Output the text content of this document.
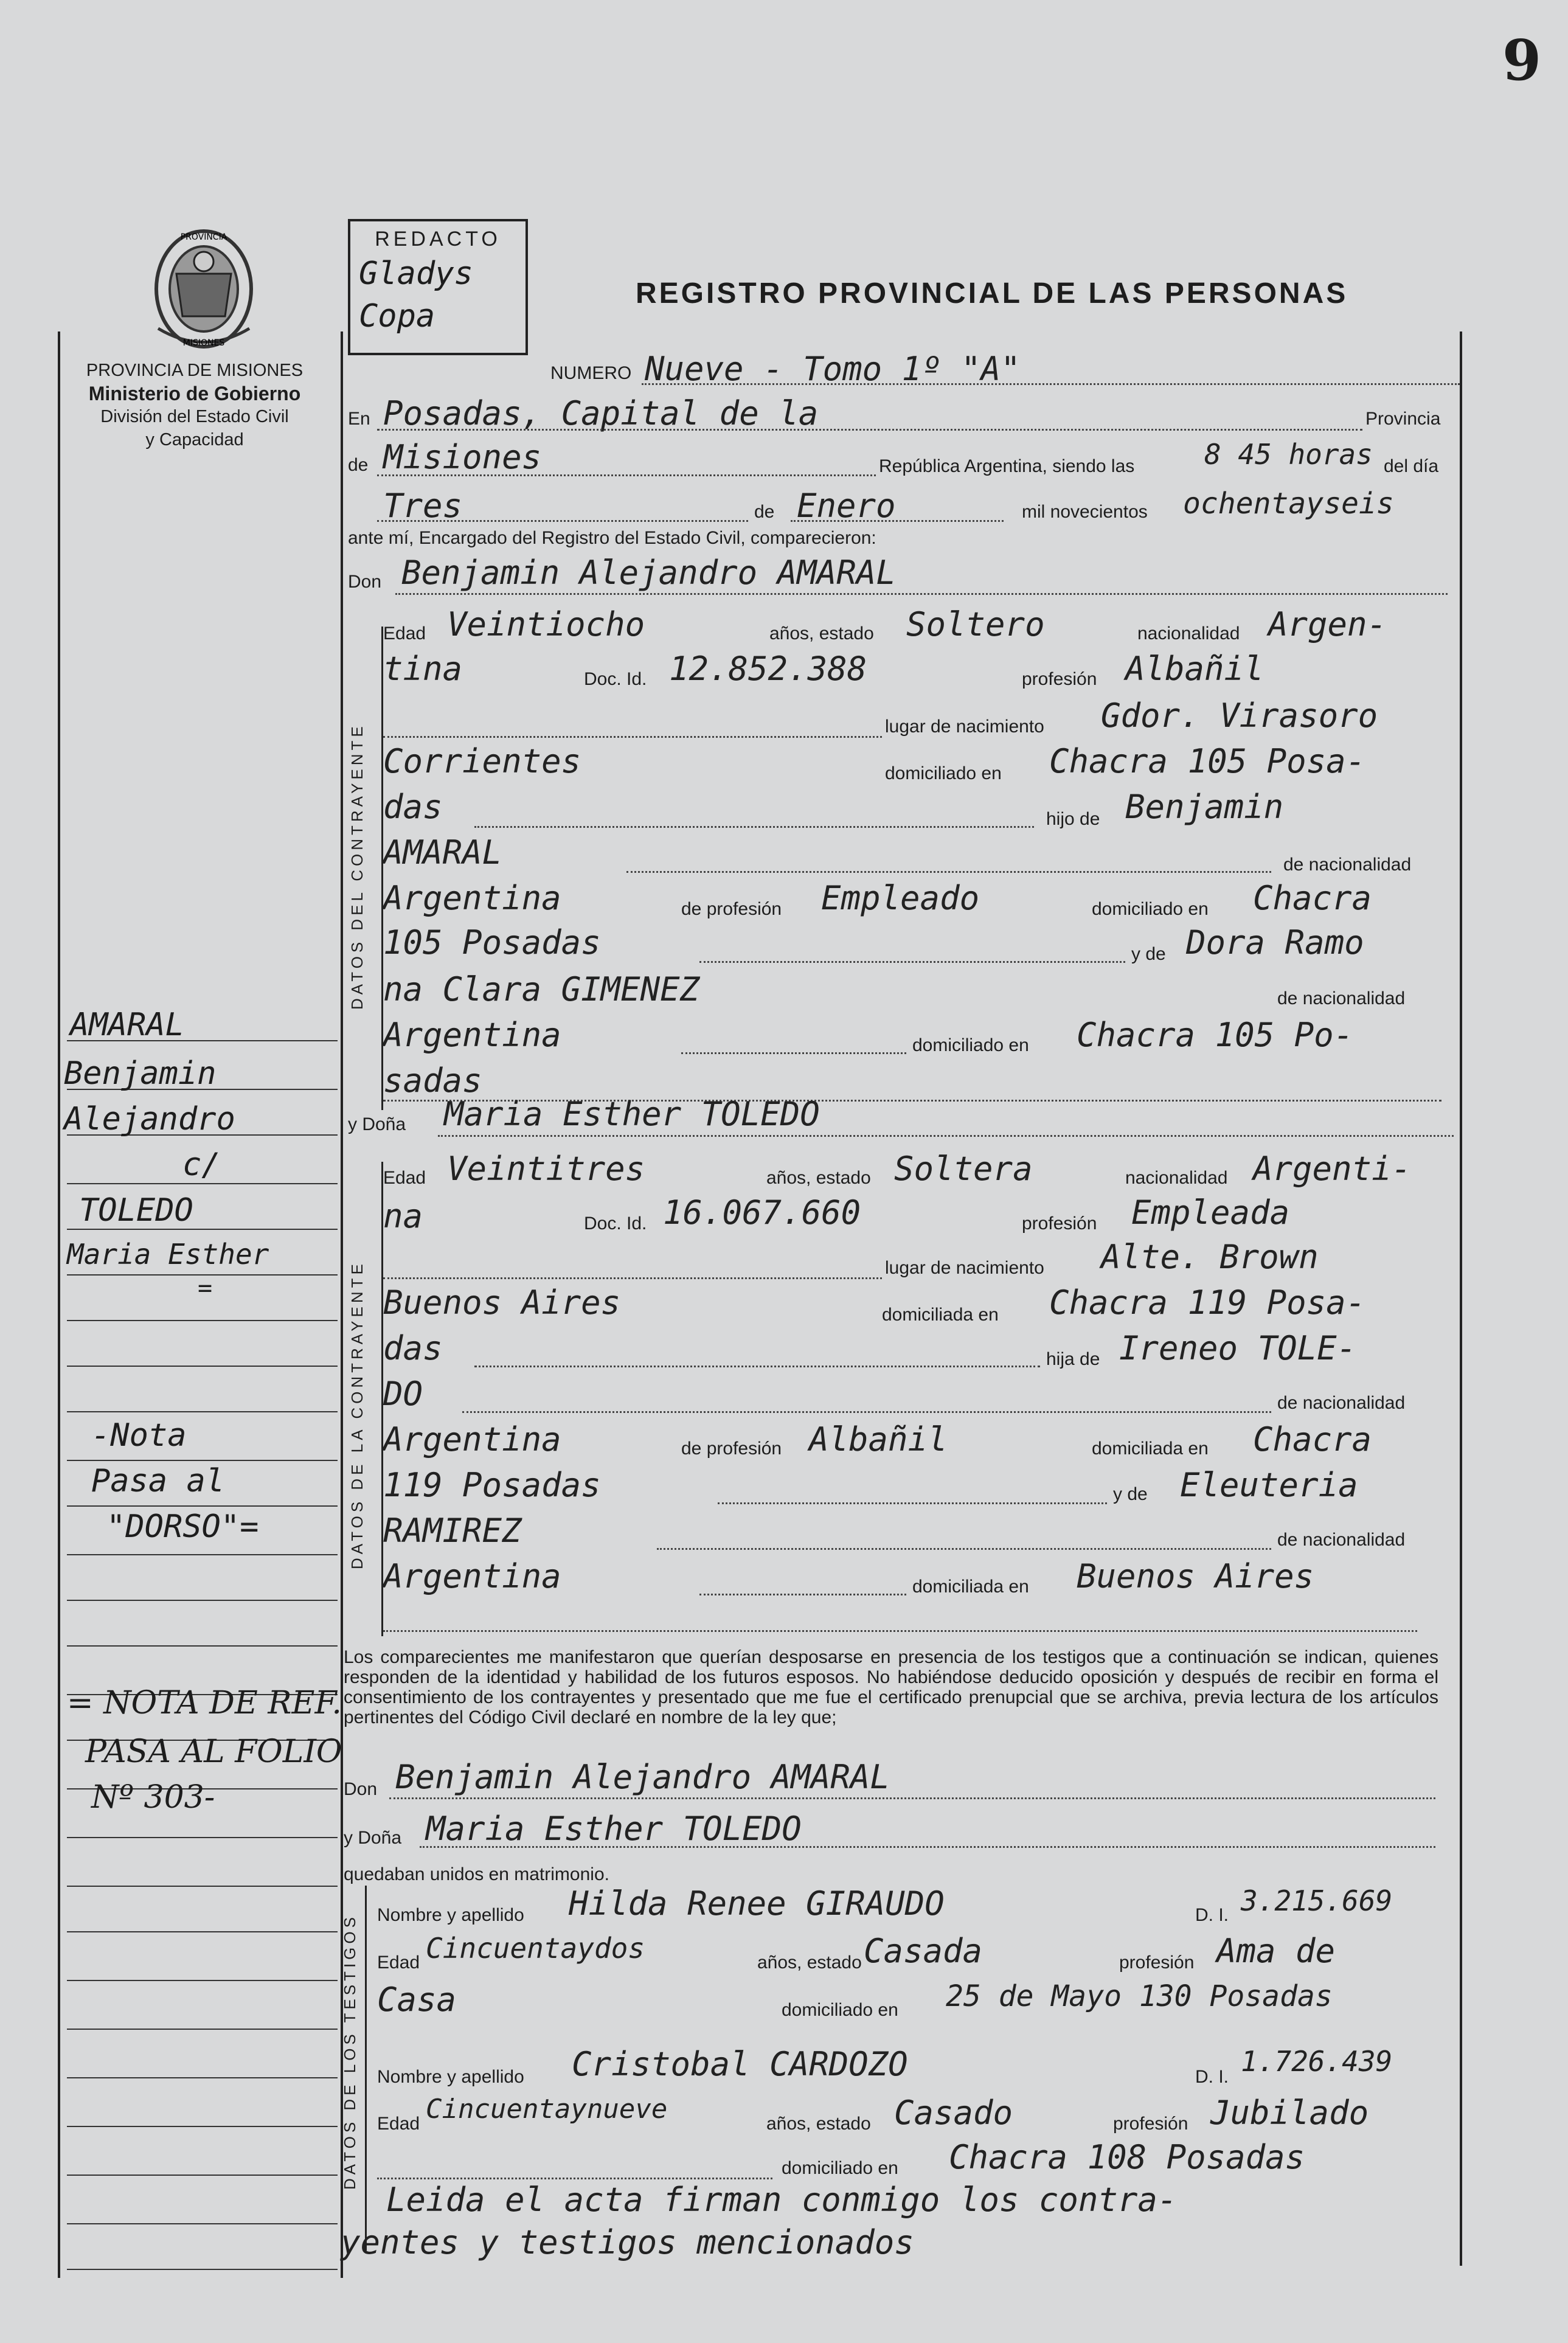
9
PROVINCIA
MISIONES
REDACTO
Gladys
Copa
REGISTRO PROVINCIAL DE LAS PERSONAS
PROVINCIA DE MISIONES
Ministerio de Gobierno
División del Estado Civil
y Capacidad
DATOS DEL CONTRAYENTE
DATOS DE LA CONTRAYENTE
DATOS DE LOS TESTIGOS
NUMERO Nueve - Tomo 1º "A"
En Posadas, Capital de la	Provincia
de Misiones	República Argentina, siendo las 8 45 horas del día
Tres	de Enero	mil novecientos ochentayseis
ante mí, Encargado del Registro del Estado Civil, comparecieron:
Don Benjamin Alejandro AMARAL
Edad Veintiocho	años, estado Soltero	nacionalidad Argen-
tina	Doc. Id. 12.852.388	profesión Albañil
lugar de nacimiento Gdor. Virasoro
Corrientes	domiciliado en Chacra 105 Posa-
das	hijo de Benjamin
AMARAL	de nacionalidad
Argentina	de profesión Empleado	domiciliado en Chacra
105 Posadas	y de Dora Ramo
na Clara GIMENEZ	de nacionalidad
Argentina	domiciliado en Chacra 105 Po-
sadas
y Doña Maria Esther TOLEDO
Edad Veintitres	años, estado Soltera	nacionalidad Argenti-
na	Doc. Id. 16.067.660	profesión Empleada
lugar de nacimiento Alte. Brown
Buenos Aires	domiciliada en Chacra 119 Posa-
das	hija de Ireneo TOLE-
DO	de nacionalidad
Argentina	de profesión Albañil	domiciliada en Chacra
119 Posadas	y de Eleuteria
RAMIREZ	de nacionalidad
Argentina	domiciliada en Buenos Aires
Los comparecientes me manifestaron que querían desposarse en presencia de los testigos que a continuación se indican, quienes responden de la identidad y habilidad de los futuros esposos. No habiéndose deducido oposición y después de recibir en forma el consentimiento de los contrayentes y presentado que me fue el certificado prenupcial que se archiva, previa lectura de los artículos pertinentes del Código Civil declaré en nombre de la ley que;
Don Benjamin Alejandro AMARAL
y Doña Maria Esther TOLEDO
quedaban unidos en matrimonio.
Nombre y apellido Hilda Renee GIRAUDO	D. I. 3.215.669
Edad Cincuentaydos	años, estado Casada	profesión Ama de
Casa	domiciliado en 25 de Mayo 130 Posadas
Nombre y apellido Cristobal CARDOZO	D. I. 1.726.439
Edad Cincuentaynueve	años, estado Casado	profesión Jubilado
domiciliado en Chacra 108 Posadas
Leida el acta firman conmigo los contra-
yentes y testigos mencionados
AMARAL
Benjamin
Alejandro
c/
TOLEDO
Maria Esther
=
-Nota
Pasa al
"DORSO"=
= NOTA DE REF.
PASA AL FOLIO
Nº 303-
